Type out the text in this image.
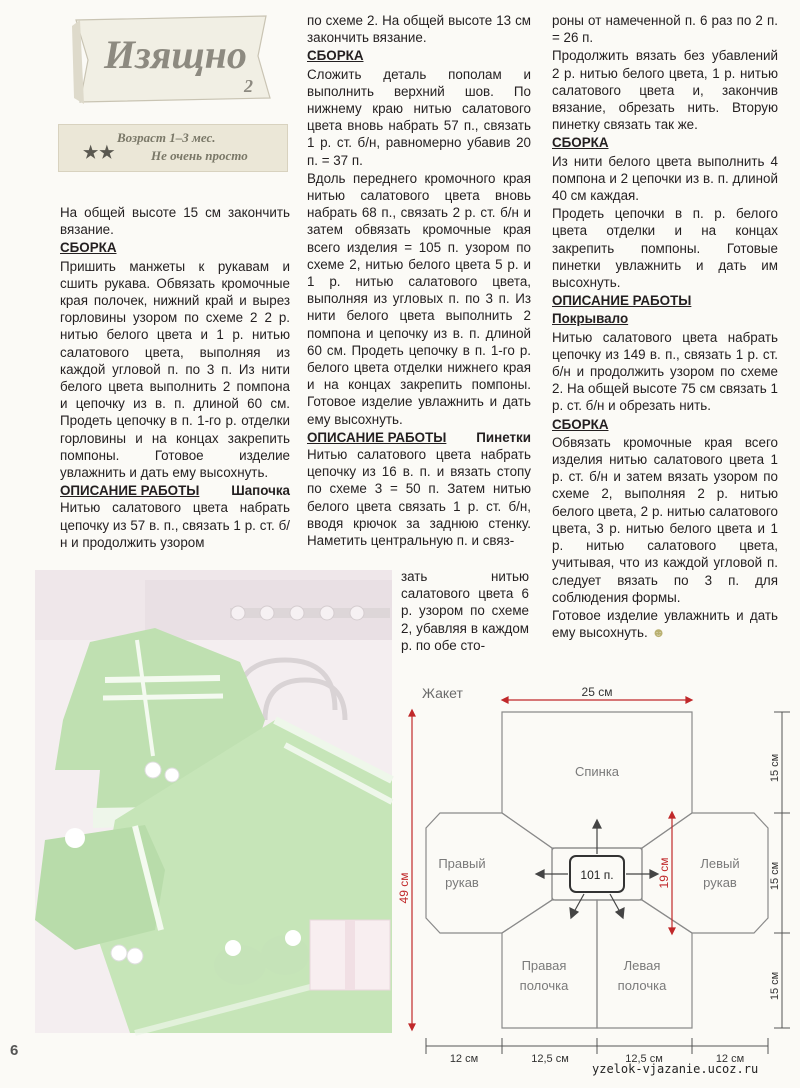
Изящно
2
Возраст 1–3 мес.
★★	Не очень просто

На общей высоте 15 см закончить вязание.

СБОРКА

Пришить манжеты к рукавам и сшить рукава. Обвязать кромочные края полочек, нижний край и вырез горловины узором по схеме 2 2 р. нитью белого цвета и 1 р. нитью салатового цвета, выполняя из каждой угловой п. по 3 п. Из нити белого цвета выполнить 2 помпона и цепочку из в. п. длиной 60 см. Продеть цепочку в п. 1-го р. отделки горловины и на концах закрепить помпоны. Готовое изделие увлажнить и дать ему высохнуть.

ОПИСАНИЕ РАБОТЫ Шапочка

Нитью салатового цвета набрать цепочку из 57 в. п., связать 1 р. ст. б/н и продолжить узором

по схеме 2. На общей высоте 13 см закончить вязание.

СБОРКА

Сложить деталь пополам и выполнить верхний шов. По нижнему краю нитью салатового цвета вновь набрать 57 п., связать 1 р. ст. б/н, равномерно убавив 20 п. = 37 п.

Вдоль переднего кромочного края нитью салатового цвета вновь набрать 68 п., связать 2 р. ст. б/н и затем обвязать кромочные края всего изделия = 105 п. узором по схеме 2, нитью белого цвета 5 р. и 1 р. нитью салатового цвета, выполняя из угловых п. по 3 п. Из нити белого цвета выполнить 2 помпона и цепочку из в. п. длиной 60 см. Продеть цепочку в п. 1-го р. белого цвета отделки нижнего края и на концах закрепить помпоны. Готовое изделие увлажнить и дать ему высохнуть.

ОПИСАНИЕ РАБОТЫ Пинетки

Нитью салатового цвета набрать цепочку из 16 в. п. и вязать стопу по схеме 3 = 50 п. Затем нитью белого цвета связать 1 р. ст. б/н, вводя крючок за заднюю стенку. Наметить центральную п. и связ-

зать нитью салатового цвета 6 р. узором по схеме 2, убавляя в каждом р. по обе сто-

роны от намеченной п. 6 раз по 2 п. = 26 п.

Продолжить вязать без убавлений 2 р. нитью белого цвета, 1 р. нитью салатового цвета и, закончив вязание, обрезать нить. Вторую пинетку связать так же.

СБОРКА

Из нити белого цвета выполнить 4 помпона и 2 цепочки из в. п. длиной 40 см каждая.

Продеть цепочки в п. р. белого цвета отделки и на концах закрепить помпоны. Готовые пинетки увлажнить и дать им высохнуть.

ОПИСАНИЕ РАБОТЫ

Покрывало

Нитью салатового цвета набрать цепочку из 149 в. п., связать 1 р. ст. б/н и продолжить узором по схеме 2. На общей высоте 75 см связать 1 р. ст. б/н и обрезать нить.

СБОРКА

Обвязать кромочные края всего изделия нитью салатового цвета 1 р. ст. б/н и затем вязать узором по схеме 2, выполняя 2 р. нитью белого цвета, 2 р. нитью салатового цвета, 3 р. нитью белого цвета и 1 р. нитью салатового цвета, учитывая, что из каждой угловой п. следует вязать по 3 п. для соблюдения формы.

Готовое изделие увлажнить и дать ему высохнуть. ☻

Жакет
101 п.
Спинка
Правый
рукав
Левый
рукав
Правая
полочка
Левая
полочка
25 см
49 см	19 см
15 см
15 см
15 см
12 см	12,5 см	12,5 см	12 см
6
yzelok-vjazanie.ucoz.ru
